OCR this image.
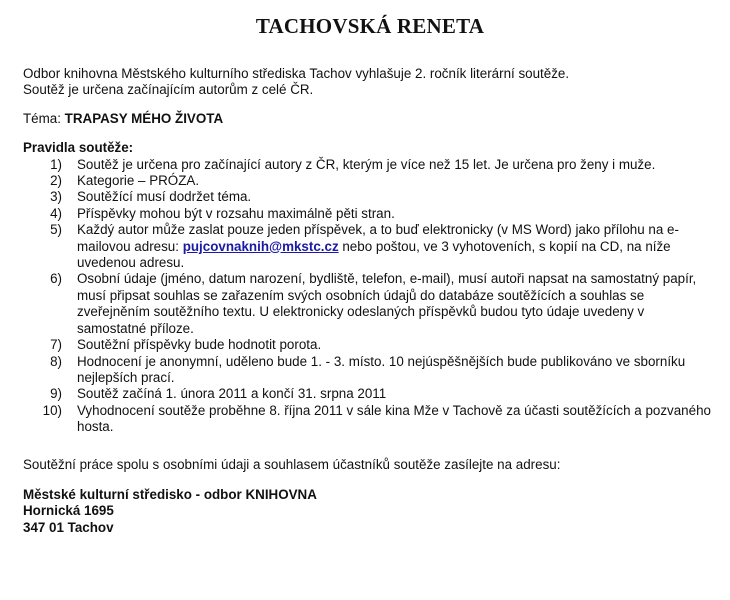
TACHOVSKÁ RENETA
Odbor knihovna Městského kulturního střediska Tachov vyhlašuje 2. ročník literární soutěže.
Soutěž je určena začínajícím autorům z celé ČR.
Téma: TRAPASY MÉHO ŽIVOTA
Pravidla soutěže:
1) Soutěž je určena pro začínající autory z ČR, kterým je více než 15 let. Je určena pro ženy i muže.
2) Kategorie – PRÓZA.
3) Soutěžící musí dodržet téma.
4) Příspěvky mohou být v rozsahu maximálně pěti stran.
5) Každý autor může zaslat pouze jeden příspěvek, a to buď elektronicky (v MS Word) jako přílohu na e-mailovou adresu: pujcovnaknih@mkstc.cz nebo poštou, ve 3 vyhotoveních, s kopií na CD, na níže uvedenou adresu.
6) Osobní údaje (jméno, datum narození, bydliště, telefon, e-mail), musí autoři napsat na samostatný papír, musí připsat souhlas se zařazením svých osobních údajů do databáze soutěžících a souhlas se zveřejněním soutěžního textu. U elektronicky odeslaných příspěvků budou tyto údaje uvedeny v samostatné příloze.
7) Soutěžní příspěvky bude hodnotit porota.
8) Hodnocení je anonymní, uděleno bude 1. - 3. místo. 10 nejúspěšnějších bude publikováno ve sborníku nejlepších prací.
9) Soutěž začíná 1. února 2011 a končí 31. srpna 2011
10) Vyhodnocení soutěže proběhne 8. října 2011 v sále kina Mže v Tachově za účasti soutěžících a pozvaného hosta.
Soutěžní práce spolu s osobními údaji a souhlasem účastníků soutěže zasílejte na adresu:
Městské kulturní středisko - odbor KNIHOVNA
Hornická 1695
347 01 Tachov
